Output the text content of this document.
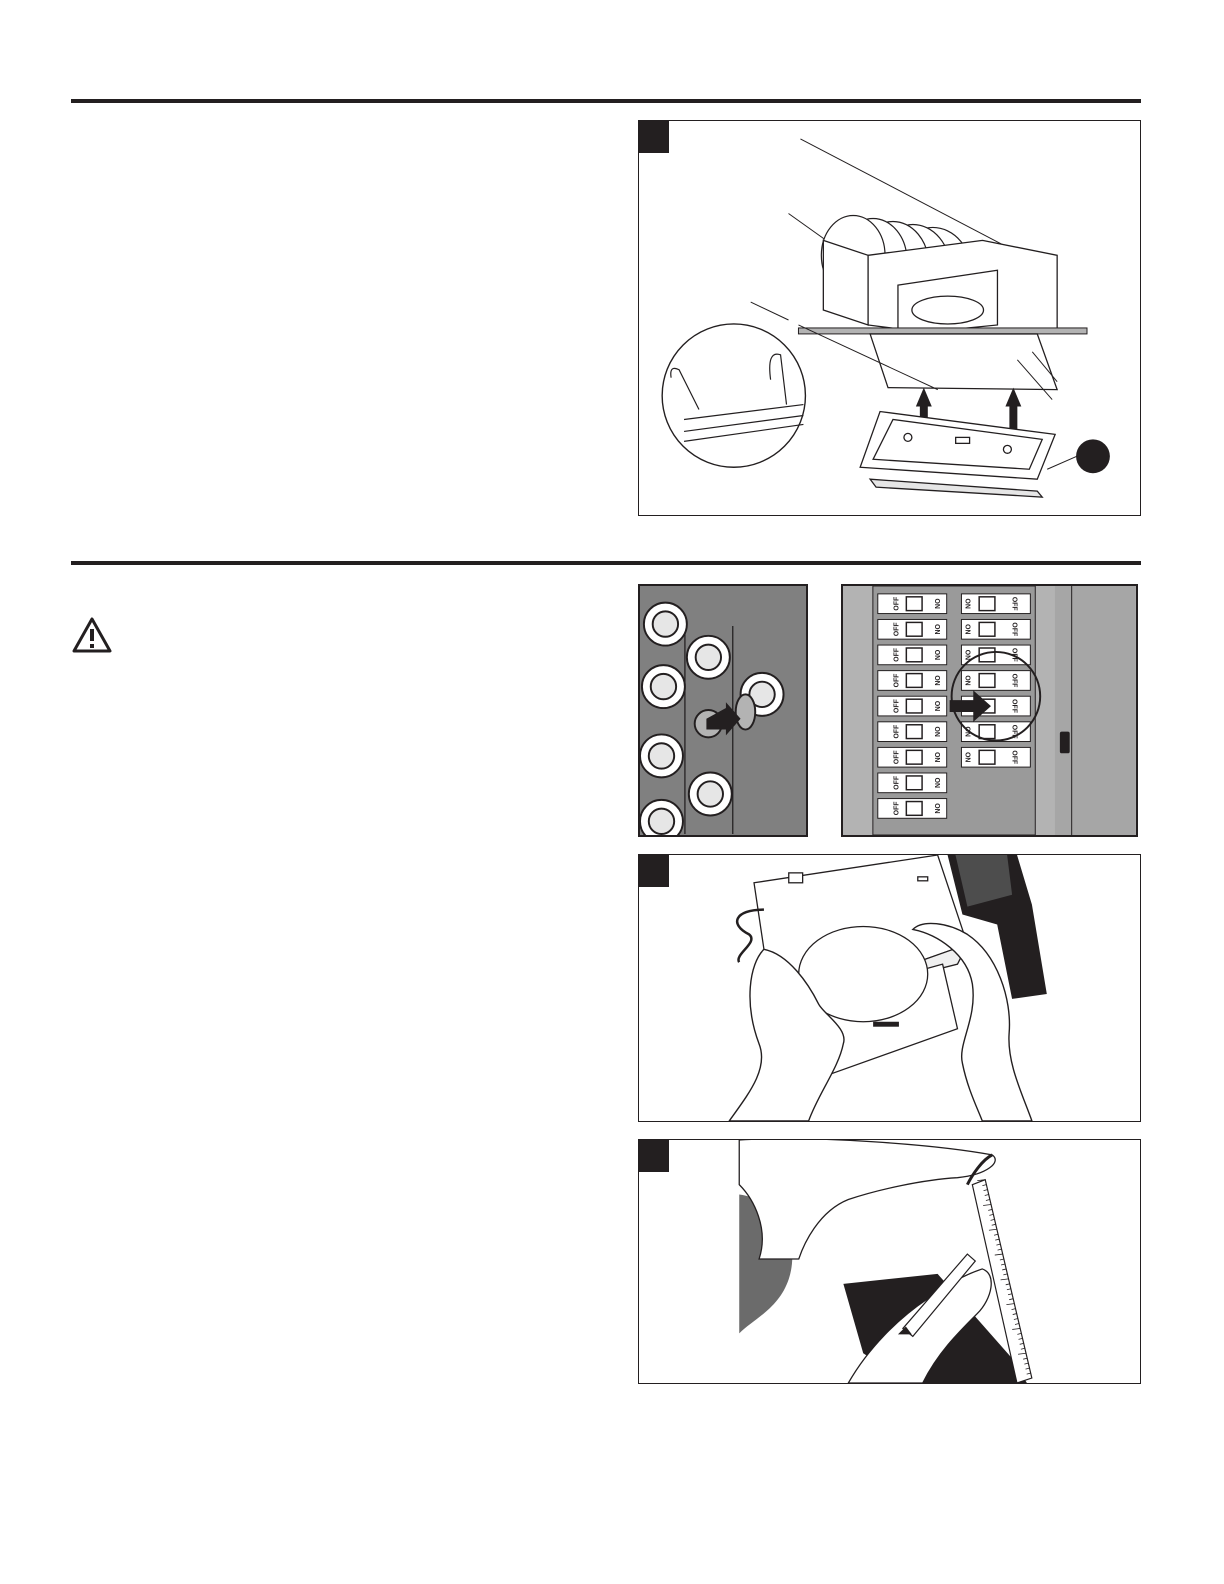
OFF	ON	ON	OFF
OFF	ON	ON	OFF
OFF	ON	ON	OFF
OFF	ON	ON	OFF
OFF	ON	OFF
OFF	ON	ON	OFF
OFF	ON	ON	OFF
OFF	ON
OFF	ON
